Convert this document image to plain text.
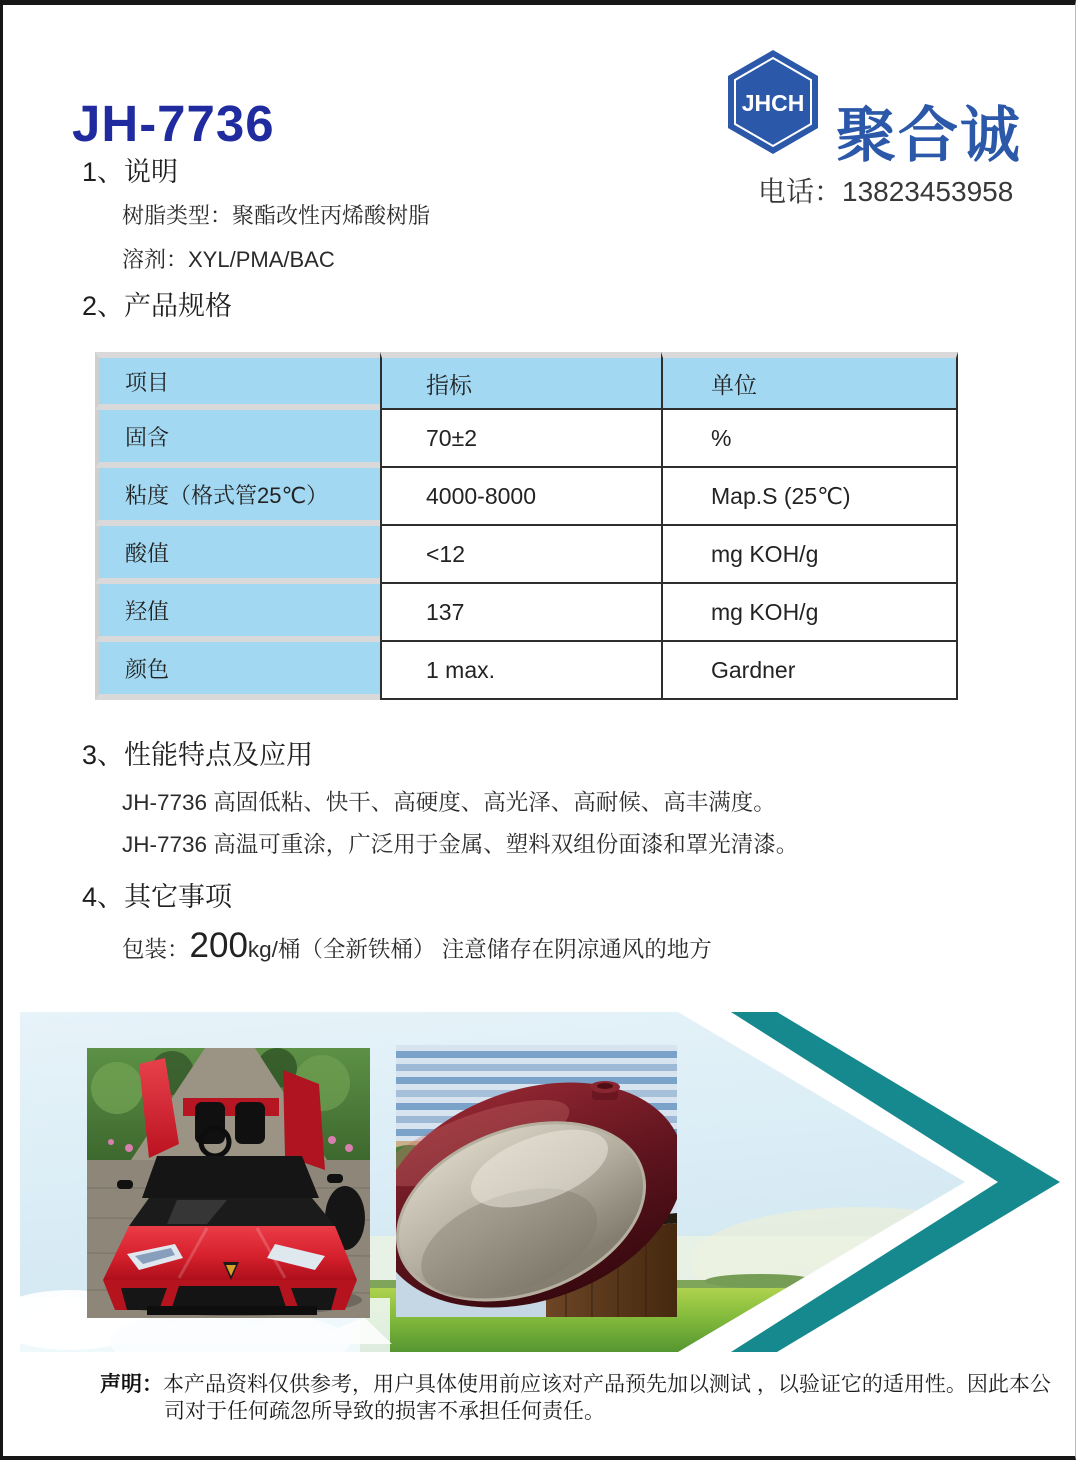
JH-7736	JHCH 聚合诚
电话：13823453958
1、说明
树脂类型：聚酯改性丙烯酸树脂
溶剂：XYL/PMA/BAC
2、产品规格
项目	指标	单位
固含	70±2	%
粘度（格式管25℃）	4000-8000	Map.S (25℃)
酸值	<12	mg KOH/g
羟值	137	mg KOH/g
颜色	1 max.	Gardner
3、性能特点及应用
JH-7736 高固低粘、快干、高硬度、高光泽、高耐候、高丰满度。
JH-7736 高温可重涂，广泛用于金属、塑料双组份面漆和罩光清漆。
4、其它事项
包装： 200 kg/桶（全新铁桶） 注意储存在阴凉通风的地方
声明：本产品资料仅供参考，用户具体使用前应该对产品预先加以测试 ，以验证它的适用性。因此本公司对于任何疏忽所导致的损害不承担任何责任。
